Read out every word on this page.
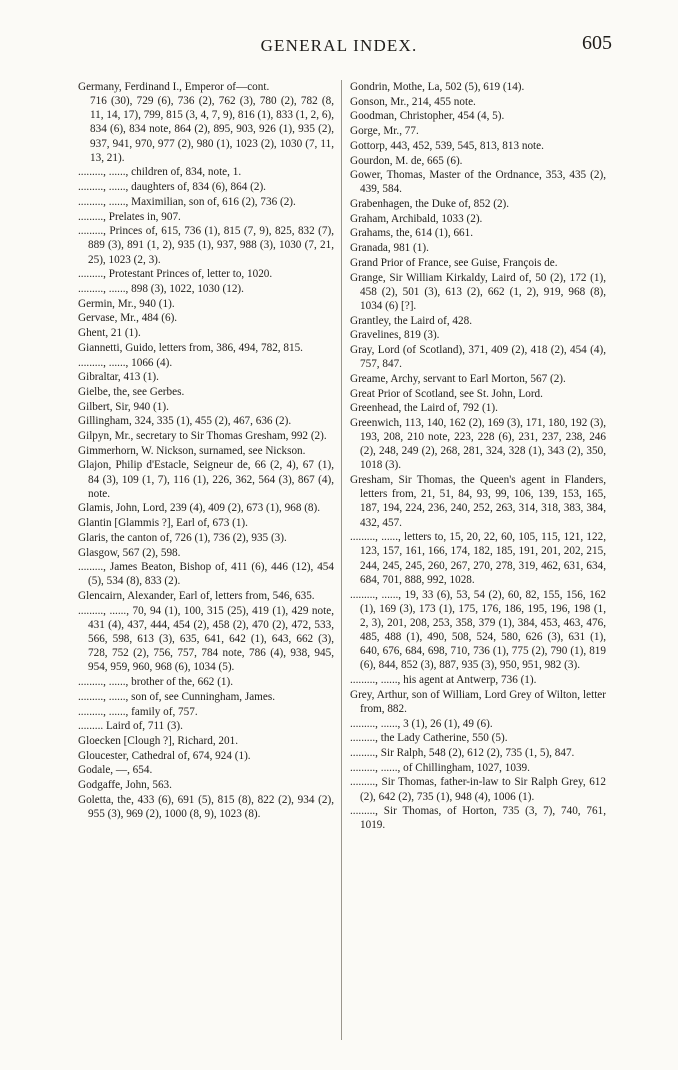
GENERAL INDEX.	605
Germany, Ferdinand I., Emperor of—cont.
716 (30), 729 (6), 736 (2), 762 (3), 780 (2), 782 (8, 11, 14, 17), 799, 815 (3, 4, 7, 9), 816 (1), 833 (1, 2, 6), 834 (6), 834 note, 864 (2), 895, 903, 926 (1), 935 (2), 937, 941, 970, 977 (2), 980 (1), 1023 (2), 1030 (7, 11, 13, 21).
........., ......, children of, 834, note, 1.
........., ......, daughters of, 834 (6), 864 (2).
........., ......, Maximilian, son of, 616 (2), 736 (2).
........., Prelates in, 907.
........., Princes of, 615, 736 (1), 815 (7, 9), 825, 832 (7), 889 (3), 891 (1, 2), 935 (1), 937, 988 (3), 1030 (7, 21, 25), 1023 (2, 3).
........., Protestant Princes of, letter to, 1020.
........., ......, 898 (3), 1022, 1030 (12).
Germin, Mr., 940 (1).
Gervase, Mr., 484 (6).
Ghent, 21 (1).
Giannetti, Guido, letters from, 386, 494, 782, 815.
........., ......, 1066 (4).
Gibraltar, 413 (1).
Gielbe, the, see Gerbes.
Gilbert, Sir, 940 (1).
Gillingham, 324, 335 (1), 455 (2), 467, 636 (2).
Gilpyn, Mr., secretary to Sir Thomas Gresham, 992 (2).
Gimmerhorn, W. Nickson, surnamed, see Nickson.
Glajon, Philip d'Estacle, Seigneur de, 66 (2, 4), 67 (1), 84 (3), 109 (1, 7), 116 (1), 226, 362, 564 (3), 867 (4), note.
Glamis, John, Lord, 239 (4), 409 (2), 673 (1), 968 (8).
Glantin [Glammis ?], Earl of, 673 (1).
Glaris, the canton of, 726 (1), 736 (2), 935 (3).
Glasgow, 567 (2), 598.
........., James Beaton, Bishop of, 411 (6), 446 (12), 454 (5), 534 (8), 833 (2).
Glencairn, Alexander, Earl of, letters from, 546, 635.
........., ......, 70, 94 (1), 100, 315 (25), 419 (1), 429 note, 431 (4), 437, 444, 454 (2), 458 (2), 470 (2), 472, 533, 566, 598, 613 (3), 635, 641, 642 (1), 643, 662 (3), 728, 752 (2), 756, 757, 784 note, 786 (4), 938, 945, 954, 959, 960, 968 (6), 1034 (5).
........., ......, brother of the, 662 (1).
........., ......, son of, see Cunningham, James.
........., ......, family of, 757.
......... Laird of, 711 (3).
Gloecken [Clough ?], Richard, 201.
Gloucester, Cathedral of, 674, 924 (1).
Godale, —, 654.
Godgaffe, John, 563.
Goletta, the, 433 (6), 691 (5), 815 (8), 822 (2), 934 (2), 955 (3), 969 (2), 1000 (8, 9), 1023 (8).
Gondrin, Mothe, La, 502 (5), 619 (14).
Gonson, Mr., 214, 455 note.
Goodman, Christopher, 454 (4, 5).
Gorge, Mr., 77.
Gottorp, 443, 452, 539, 545, 813, 813 note.
Gourdon, M. de, 665 (6).
Gower, Thomas, Master of the Ordnance, 353, 435 (2), 439, 584.
Grabenhagen, the Duke of, 852 (2).
Graham, Archibald, 1033 (2).
Grahams, the, 614 (1), 661.
Granada, 981 (1).
Grand Prior of France, see Guise, François de.
Grange, Sir William Kirkaldy, Laird of, 50 (2), 172 (1), 458 (2), 501 (3), 613 (2), 662 (1, 2), 919, 968 (8), 1034 (6) [?].
Grantley, the Laird of, 428.
Gravelines, 819 (3).
Gray, Lord (of Scotland), 371, 409 (2), 418 (2), 454 (4), 757, 847.
Greame, Archy, servant to Earl Morton, 567 (2).
Great Prior of Scotland, see St. John, Lord.
Greenhead, the Laird of, 792 (1).
Greenwich, 113, 140, 162 (2), 169 (3), 171, 180, 192 (3), 193, 208, 210 note, 223, 228 (6), 231, 237, 238, 246 (2), 248, 249 (2), 268, 281, 324, 328 (1), 343 (2), 350, 1018 (3).
Gresham, Sir Thomas, the Queen's agent in Flanders, letters from, 21, 51, 84, 93, 99, 106, 139, 153, 165, 187, 194, 224, 236, 240, 252, 263, 314, 318, 383, 384, 432, 457.
........., ......, letters to, 15, 20, 22, 60, 105, 115, 121, 122, 123, 157, 161, 166, 174, 182, 185, 191, 201, 202, 215, 244, 245, 245, 260, 267, 270, 278, 319, 462, 631, 634, 684, 701, 888, 992, 1028.
........., ......, 19, 33 (6), 53, 54 (2), 60, 82, 155, 156, 162 (1), 169 (3), 173 (1), 175, 176, 186, 195, 196, 198 (1, 2, 3), 201, 208, 253, 358, 379 (1), 384, 453, 463, 476, 485, 488 (1), 490, 508, 524, 580, 626 (3), 631 (1), 640, 676, 684, 698, 710, 736 (1), 775 (2), 790 (1), 819 (6), 844, 852 (3), 887, 935 (3), 950, 951, 982 (3).
........., ......, his agent at Antwerp, 736 (1).
Grey, Arthur, son of William, Lord Grey of Wilton, letter from, 882.
........., ......, 3 (1), 26 (1), 49 (6).
........., the Lady Catherine, 550 (5).
........., Sir Ralph, 548 (2), 612 (2), 735 (1, 5), 847.
........., ......, of Chillingham, 1027, 1039.
........., Sir Thomas, father-in-law to Sir Ralph Grey, 612 (2), 642 (2), 735 (1), 948 (4), 1006 (1).
........., Sir Thomas, of Horton, 735 (3, 7), 740, 761, 1019.
